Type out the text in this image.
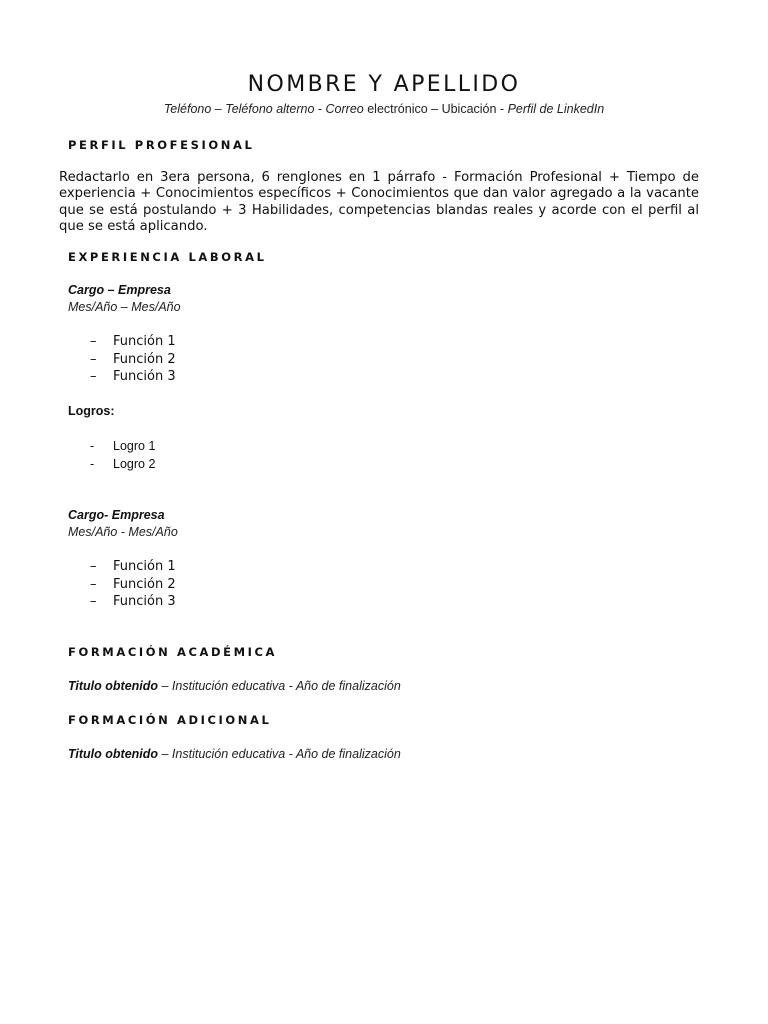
NOMBRE Y APELLIDO
Teléfono – Teléfono alterno - Correo electrónico – Ubicación - Perfil de LinkedIn
PERFIL PROFESIONAL
Redactarlo en 3era persona, 6 renglones en 1 párrafo - Formación Profesional + Tiempo de experiencia + Conocimientos específicos + Conocimientos que dan valor agregado a la vacante que se está postulando + 3 Habilidades, competencias blandas reales y acorde con el perfil al que se está aplicando.
EXPERIENCIA LABORAL
Cargo – Empresa
Mes/Año – Mes/Año
– Función 1
– Función 2
– Función 3
Logros:
- Logro 1
- Logro 2
Cargo- Empresa
Mes/Año - Mes/Año
– Función 1
– Función 2
– Función 3
FORMACIÓN ACADÉMICA
Titulo obtenido – Institución educativa - Año de finalización
FORMACIÓN ADICIONAL
Titulo obtenido – Institución educativa - Año de finalización
